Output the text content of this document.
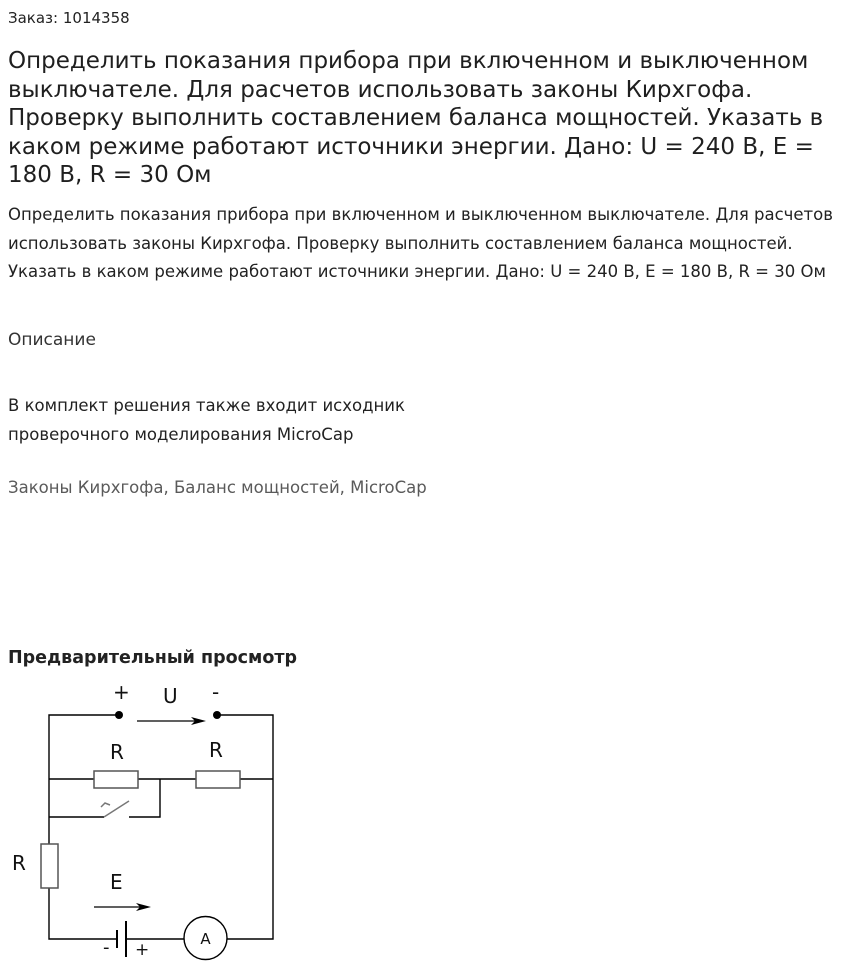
Заказ: 1014358
Определить показания прибора при включенном и выключенном выключателе. Для расчетов использовать законы Кирхгофа. Проверку выполнить составлением баланса мощностей. Указать в каком режиме работают источники энергии. Дано: U = 240 В, E = 180 В, R = 30 Ом
Определить показания прибора при включенном и выключенном выключателе. Для расчетов использовать законы Кирхгофа. Проверку выполнить составлением баланса мощностей. Указать в каком режиме работают источники энергии. Дано: U = 240 В, E = 180 В, R = 30 Ом
Описание
В комплект решения также входит исходник
проверочного моделирования MicroCap
Законы Кирхгофа, Баланс мощностей, MicroCap
Предварительный просмотр
+	-
U
R	R
R
E
- +
A
